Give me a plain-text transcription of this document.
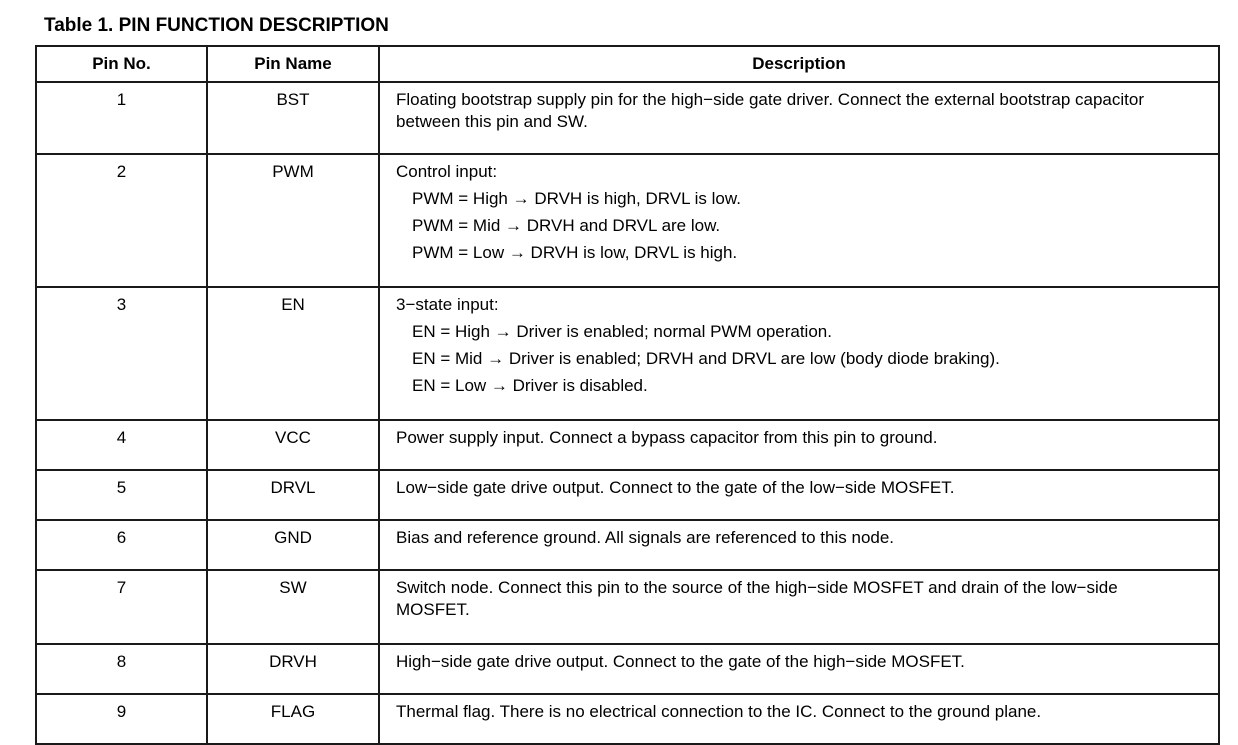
Table 1. PIN FUNCTION DESCRIPTION
Pin No.	Pin Name	Description
1	BST	Floating bootstrap supply pin for the high−side gate driver. Connect the external bootstrap capacitor between this pin and SW.

2	PWM	Control input:
PWM = High → DRVH is high, DRVL is low.
PWM = Mid → DRVH and DRVL are low.
PWM = Low → DRVH is low, DRVL is high.

3	EN	3−state input:
EN = High → Driver is enabled; normal PWM operation.
EN = Mid → Driver is enabled; DRVH and DRVL are low (body diode braking).
EN = Low → Driver is disabled.

4	VCC	Power supply input. Connect a bypass capacitor from this pin to ground.

5	DRVL	Low−side gate drive output. Connect to the gate of the low−side MOSFET.

6	GND	Bias and reference ground. All signals are referenced to this node.

7	SW	Switch node. Connect this pin to the source of the high−side MOSFET and drain of the low−side MOSFET.

8	DRVH	High−side gate drive output. Connect to the gate of the high−side MOSFET.

9	FLAG	Thermal flag. There is no electrical connection to the IC. Connect to the ground plane.
